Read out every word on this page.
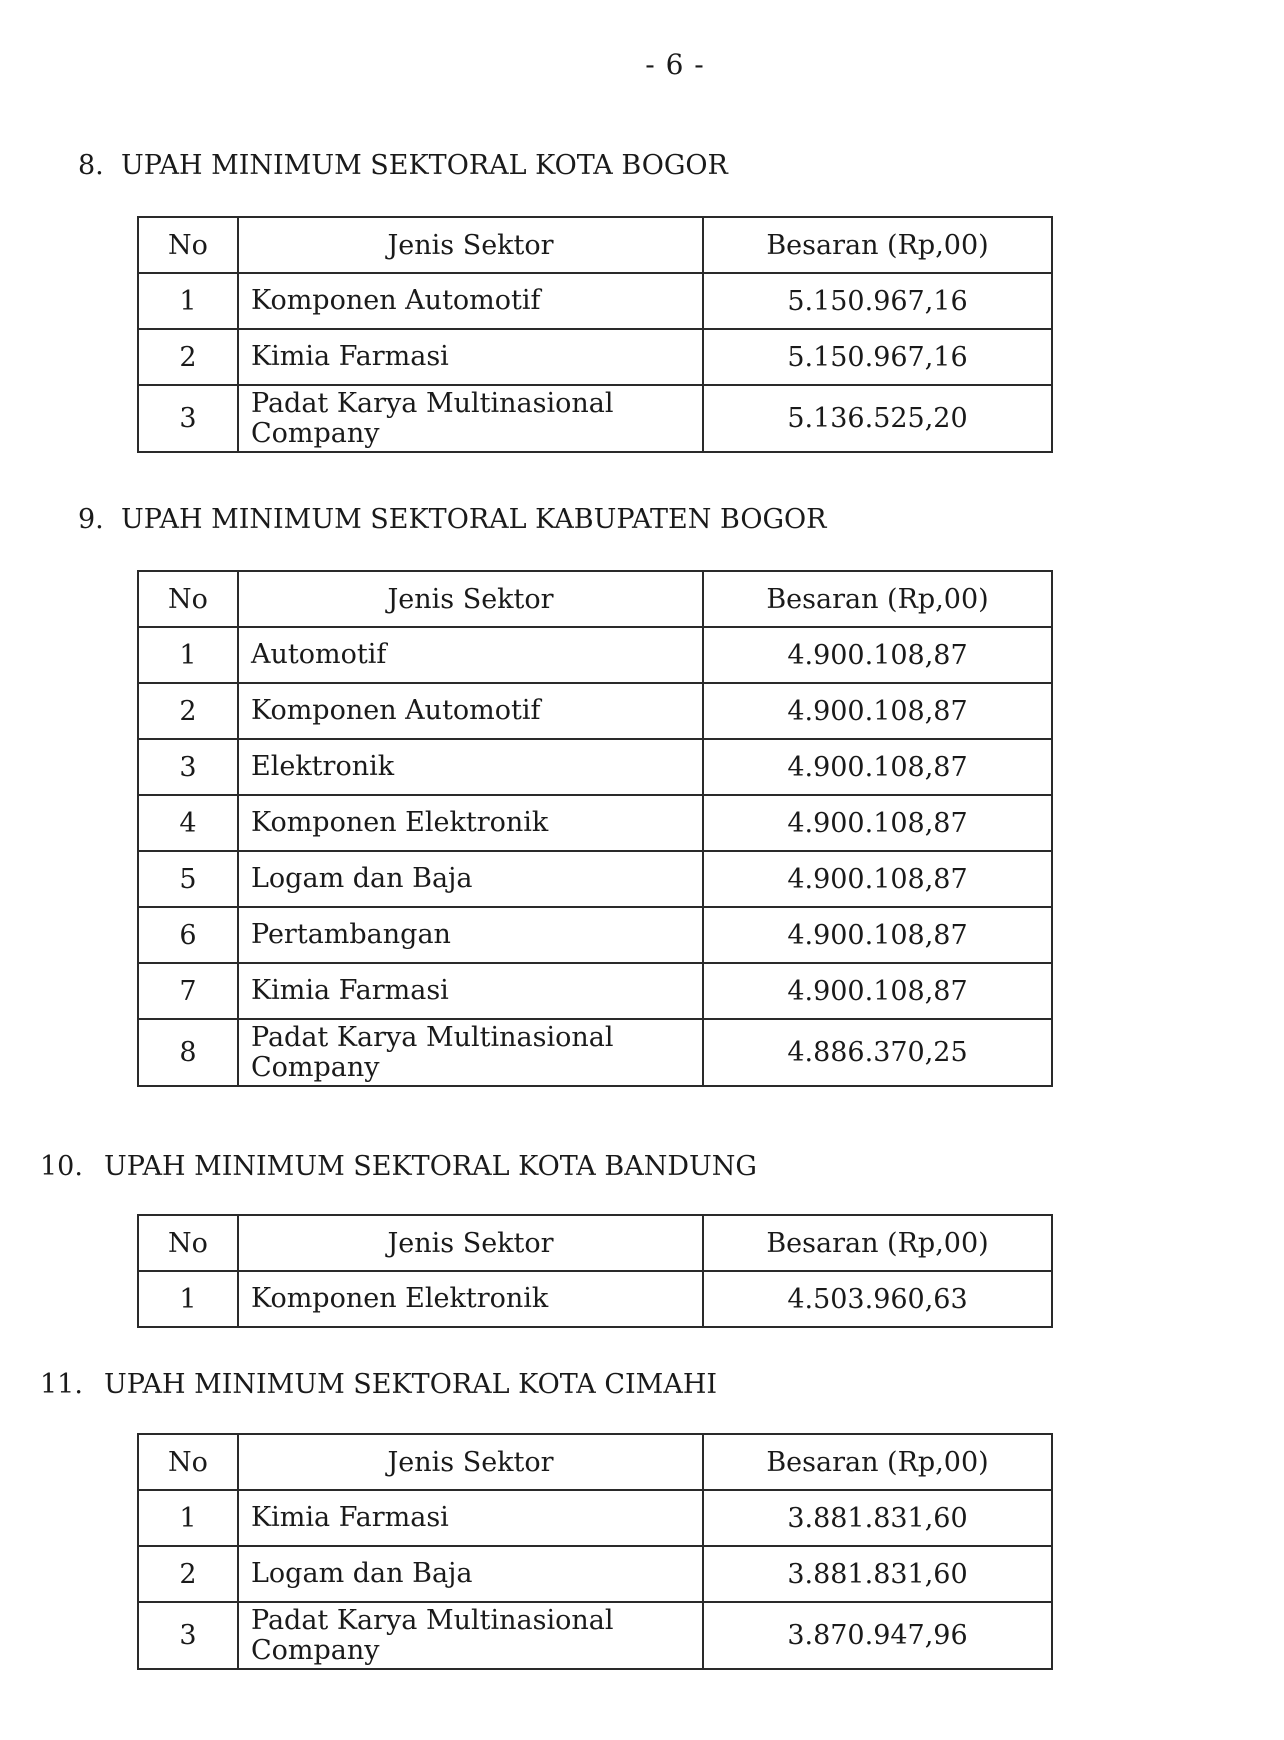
- 6 -
8. UPAH MINIMUM SEKTORAL KOTA BOGOR
No	Jenis Sektor	Besaran (Rp,00)
1	Komponen Automotif	5.150.967,16
2	Kimia Farmasi	5.150.967,16
3	Padat Karya Multinasional Company	5.136.525,20
9. UPAH MINIMUM SEKTORAL KABUPATEN BOGOR
No	Jenis Sektor	Besaran (Rp,00)
1	Automotif	4.900.108,87
2	Komponen Automotif	4.900.108,87
3	Elektronik	4.900.108,87
4	Komponen Elektronik	4.900.108,87
5	Logam dan Baja	4.900.108,87
6	Pertambangan	4.900.108,87
7	Kimia Farmasi	4.900.108,87
8	Padat Karya Multinasional Company	4.886.370,25
10. UPAH MINIMUM SEKTORAL KOTA BANDUNG
No	Jenis Sektor	Besaran (Rp,00)
1	Komponen Elektronik	4.503.960,63
11. UPAH MINIMUM SEKTORAL KOTA CIMAHI
No	Jenis Sektor	Besaran (Rp,00)
1	Kimia Farmasi	3.881.831,60
2	Logam dan Baja	3.881.831,60
3	Padat Karya Multinasional Company	3.870.947,96
